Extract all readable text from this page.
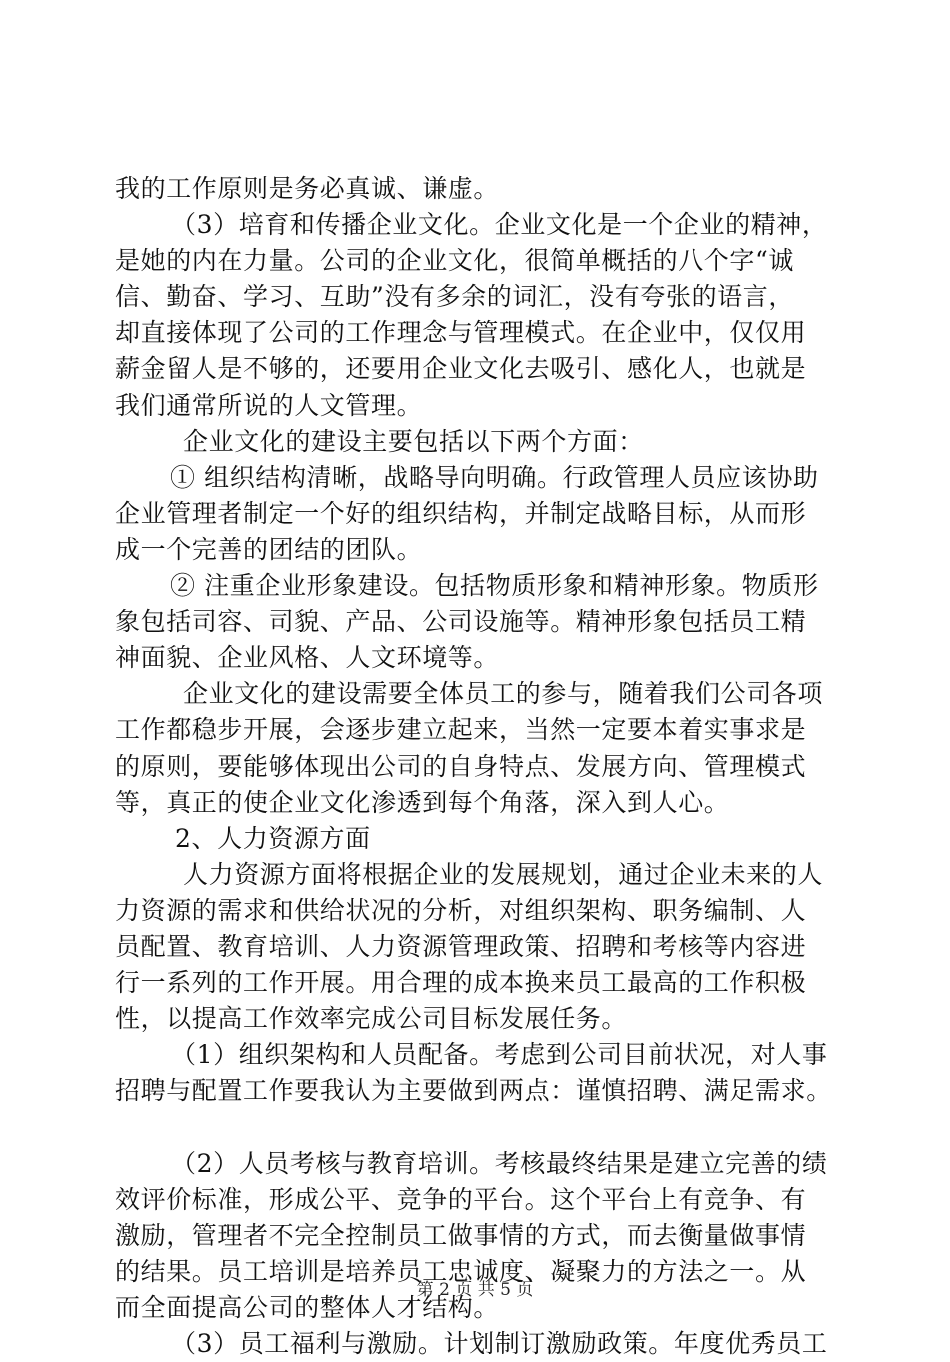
我的工作原则是务必真诚、谦虚。
（3）培育和传播企业文化。企业文化是一个企业的精神，
是她的内在力量。公司的企业文化，很简单概括的八个字“诚
信、勤奋、学习、互助”没有多余的词汇，没有夸张的语言，
却直接体现了公司的工作理念与管理模式。在企业中，仅仅用
薪金留人是不够的，还要用企业文化去吸引、感化人，也就是
我们通常所说的人文管理。
企业文化的建设主要包括以下两个方面：
① 组织结构清晰，战略导向明确。行政管理人员应该协助
企业管理者制定一个好的组织结构，并制定战略目标，从而形
成一个完善的团结的团队。
② 注重企业形象建设。包括物质形象和精神形象。物质形
象包括司容、司貌、产品、公司设施等。精神形象包括员工精
神面貌、企业风格、人文环境等。
企业文化的建设需要全体员工的参与，随着我们公司各项
工作都稳步开展，会逐步建立起来，当然一定要本着实事求是
的原则，要能够体现出公司的自身特点、发展方向、管理模式
等，真正的使企业文化渗透到每个角落，深入到人心。
2、人力资源方面
人力资源方面将根据企业的发展规划，通过企业未来的人
力资源的需求和供给状况的分析，对组织架构、职务编制、人
员配置、教育培训、人力资源管理政策、招聘和考核等内容进
行一系列的工作开展。用合理的成本换来员工最高的工作积极
性，以提高工作效率完成公司目标发展任务。
（1）组织架构和人员配备。考虑到公司目前状况，对人事
招聘与配置工作要我认为主要做到两点：谨慎招聘、满足需求。
（2）人员考核与教育培训。考核最终结果是建立完善的绩
效评价标准，形成公平、竞争的平台。这个平台上有竞争、有
激励，管理者不完全控制员工做事情的方式，而去衡量做事情
的结果。员工培训是培养员工忠诚度、凝聚力的方法之一。从
而全面提高公司的整体人才结构。
（3）员工福利与激励。计划制订激励政策。年度优秀员工
第 2 页 共 5 页
